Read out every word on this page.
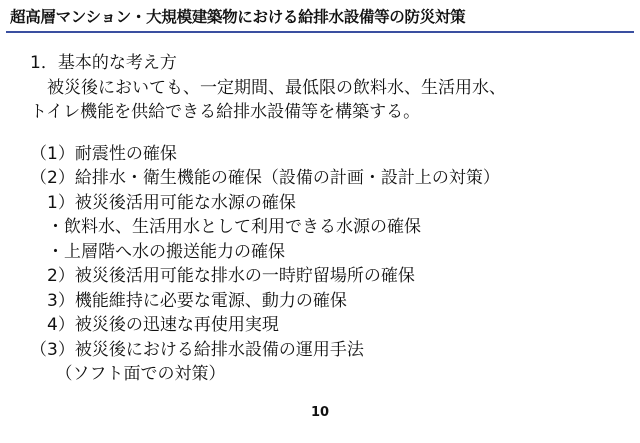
超高層マンション・大規模建築物における給排水設備等の防災対策
1．基本的な考え方
　被災後においても、一定期間、最低限の飲料水、生活用水、
トイレ機能を供給できる給排水設備等を構築する。
（1）耐震性の確保
（2）給排水・衛生機能の確保（設備の計画・設計上の対策）
　1）被災後活用可能な水源の確保
　・飲料水、生活用水として利用できる水源の確保
　・上層階へ水の搬送能力の確保
　2）被災後活用可能な排水の一時貯留場所の確保
　3）機能維持に必要な電源、動力の確保
　4）被災後の迅速な再使用実現
（3）被災後における給排水設備の運用手法
　　（ソフト面での対策）
10
